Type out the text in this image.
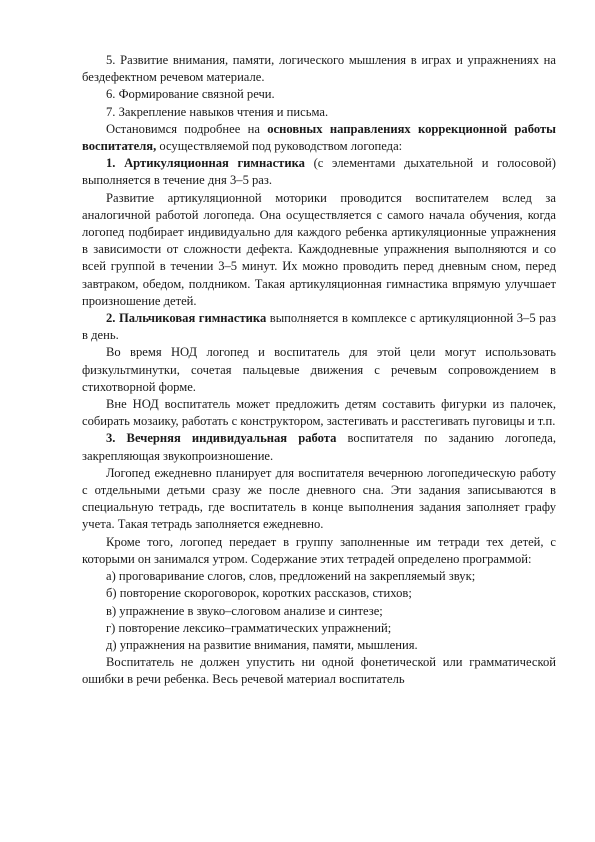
5. Развитие внимания, памяти, логического мышления в играх и упражнениях на бездефектном речевом материале.

6. Формирование связной речи.

7. Закрепление навыков чтения и письма.

Остановимся подробнее на основных направлениях коррекционной работы воспитателя, осуществляемой под руководством логопеда:

1. Артикуляционная гимнастика (с элементами дыхательной и голосовой) выполняется в течение дня 3–5 раз.

Развитие артикуляционной моторики проводится воспитателем вслед за аналогичной работой логопеда. Она осуществляется с самого начала обучения, когда логопед подбирает индивидуально для каждого ребенка артикуляционные упражнения в зависимости от сложности дефекта. Каждодневные упражнения выполняются и со всей группой в течении 3–5 минут. Их можно проводить перед дневным сном, перед завтраком, обедом, полдником. Такая артикуляционная гимнастика впрямую улучшает произношение детей.

2. Пальчиковая гимнастика выполняется в комплексе с артикуляционной 3–5 раз в день.

Во время НОД логопед и воспитатель для этой цели могут использовать физкультминутки, сочетая пальцевые движения с речевым сопровождением в стихотворной форме.

Вне НОД воспитатель может предложить детям составить фигурки из палочек, собирать мозаику, работать с конструктором, застегивать и расстегивать пуговицы и т.п.

3. Вечерняя индивидуальная работа воспитателя по заданию логопеда, закрепляющая звукопроизношение.

Логопед ежедневно планирует для воспитателя вечернюю логопедическую работу с отдельными детьми сразу же после дневного сна. Эти задания записываются в специальную тетрадь, где воспитатель в конце выполнения задания заполняет графу учета. Такая тетрадь заполняется ежедневно.

Кроме того, логопед передает в группу заполненные им тетради тех детей, с которыми он занимался утром. Содержание этих тетрадей определено программой:

а) проговаривание слогов, слов, предложений на закрепляемый звук;

б) повторение скороговорок, коротких рассказов, стихов;

в) упражнение в звуко–слоговом анализе и синтезе;

г) повторение лексико–грамматических упражнений;

д) упражнения на развитие внимания, памяти, мышления.

Воспитатель не должен упустить ни одной фонетической или грамматической ошибки в речи ребенка. Весь речевой материал воспитатель
